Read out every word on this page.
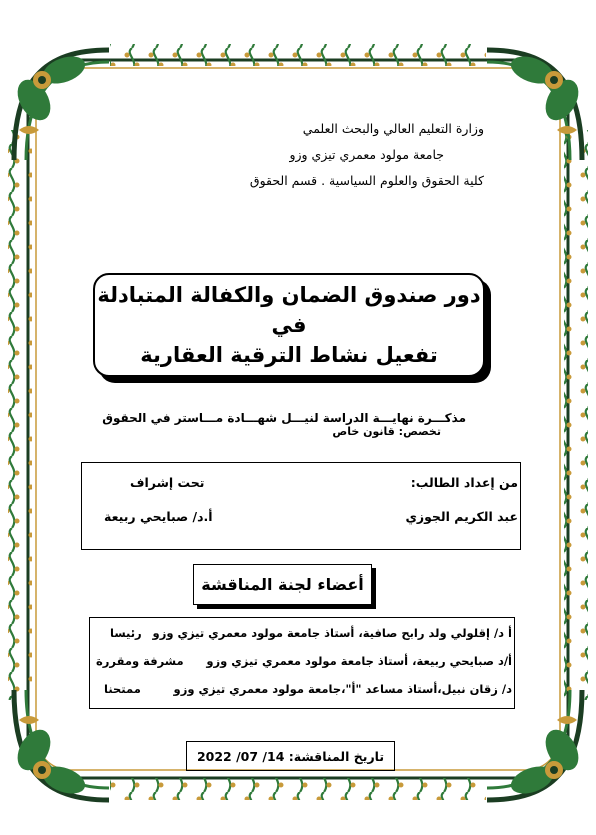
وزارة التعليم العالي والبحث العلمي
جامعة مولود معمري تيزي وزو
كلية الحقوق والعلوم السياسية . قسم الحقوق
دور صندوق الضمان والكفالة المتبادلة في
تفعيل نشاط الترقية العقارية
مذكـــرة نهايـــة الدراسة لنيـــل شهـــادة مـــاستر في الحقوق
تخصص: قانون خاص
من إعداد الطالب:
عبد الكريم الجوزي
تحت إشراف
أ.د/ صبايحي ربيعة
أعضاء لجنة المناقشة
أ د/ إقلولي ولد رابح صافية، أستاذ جامعة مولود معمري تيزي وزو
رئيسا
أ/د صبايحي ربيعة، أستاذ جامعة مولود معمري تيزي وزو
مشرفة ومقررة
د/ زقان نبيل،أستاذ مساعد "أ"،جامعة مولود معمري تيزي وزو
ممتحنا
تاريخ المناقشة: 14/ 07/ 2022
